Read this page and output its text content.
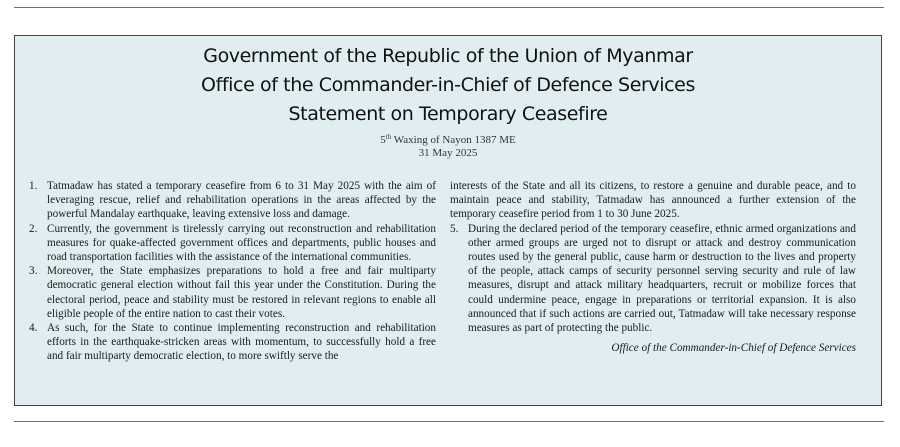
Government of the Republic of the Union of Myanmar
Office of the Commander-in-Chief of Defence Services
Statement on Temporary Ceasefire
5th Waxing of Nayon 1387 ME
31 May 2025
1. Tatmadaw has stated a temporary ceasefire from 6 to 31 May 2025 with the aim of leveraging rescue, relief and rehabilitation operations in the areas affected by the powerful Mandalay earthquake, leaving extensive loss and damage.
2. Currently, the government is tirelessly carrying out reconstruction and rehabilitation measures for quake-affected government offices and departments, public houses and road transportation facilities with the assistance of the international communities.
3. Moreover, the State emphasizes preparations to hold a free and fair multiparty democratic general election without fail this year under the Constitution. During the electoral period, peace and stability must be restored in relevant regions to enable all eligible people of the entire nation to cast their votes.
4. As such, for the State to continue implementing reconstruction and rehabilitation efforts in the earthquake-stricken areas with momentum, to successfully hold a free and fair multiparty democratic election, to more swiftly serve the
interests of the State and all its citizens, to restore a genuine and durable peace, and to maintain peace and stability, Tatmadaw has announced a further extension of the temporary ceasefire period from 1 to 30 June 2025.
5. During the declared period of the temporary ceasefire, ethnic armed organizations and other armed groups are urged not to disrupt or attack and destroy communication routes used by the general public, cause harm or destruction to the lives and property of the people, attack camps of security personnel serving security and rule of law measures, disrupt and attack military headquarters, recruit or mobilize forces that could undermine peace, engage in preparations or territorial expansion. It is also announced that if such actions are carried out, Tatmadaw will take necessary response measures as part of protecting the public.
Office of the Commander-in-Chief of Defence Services
